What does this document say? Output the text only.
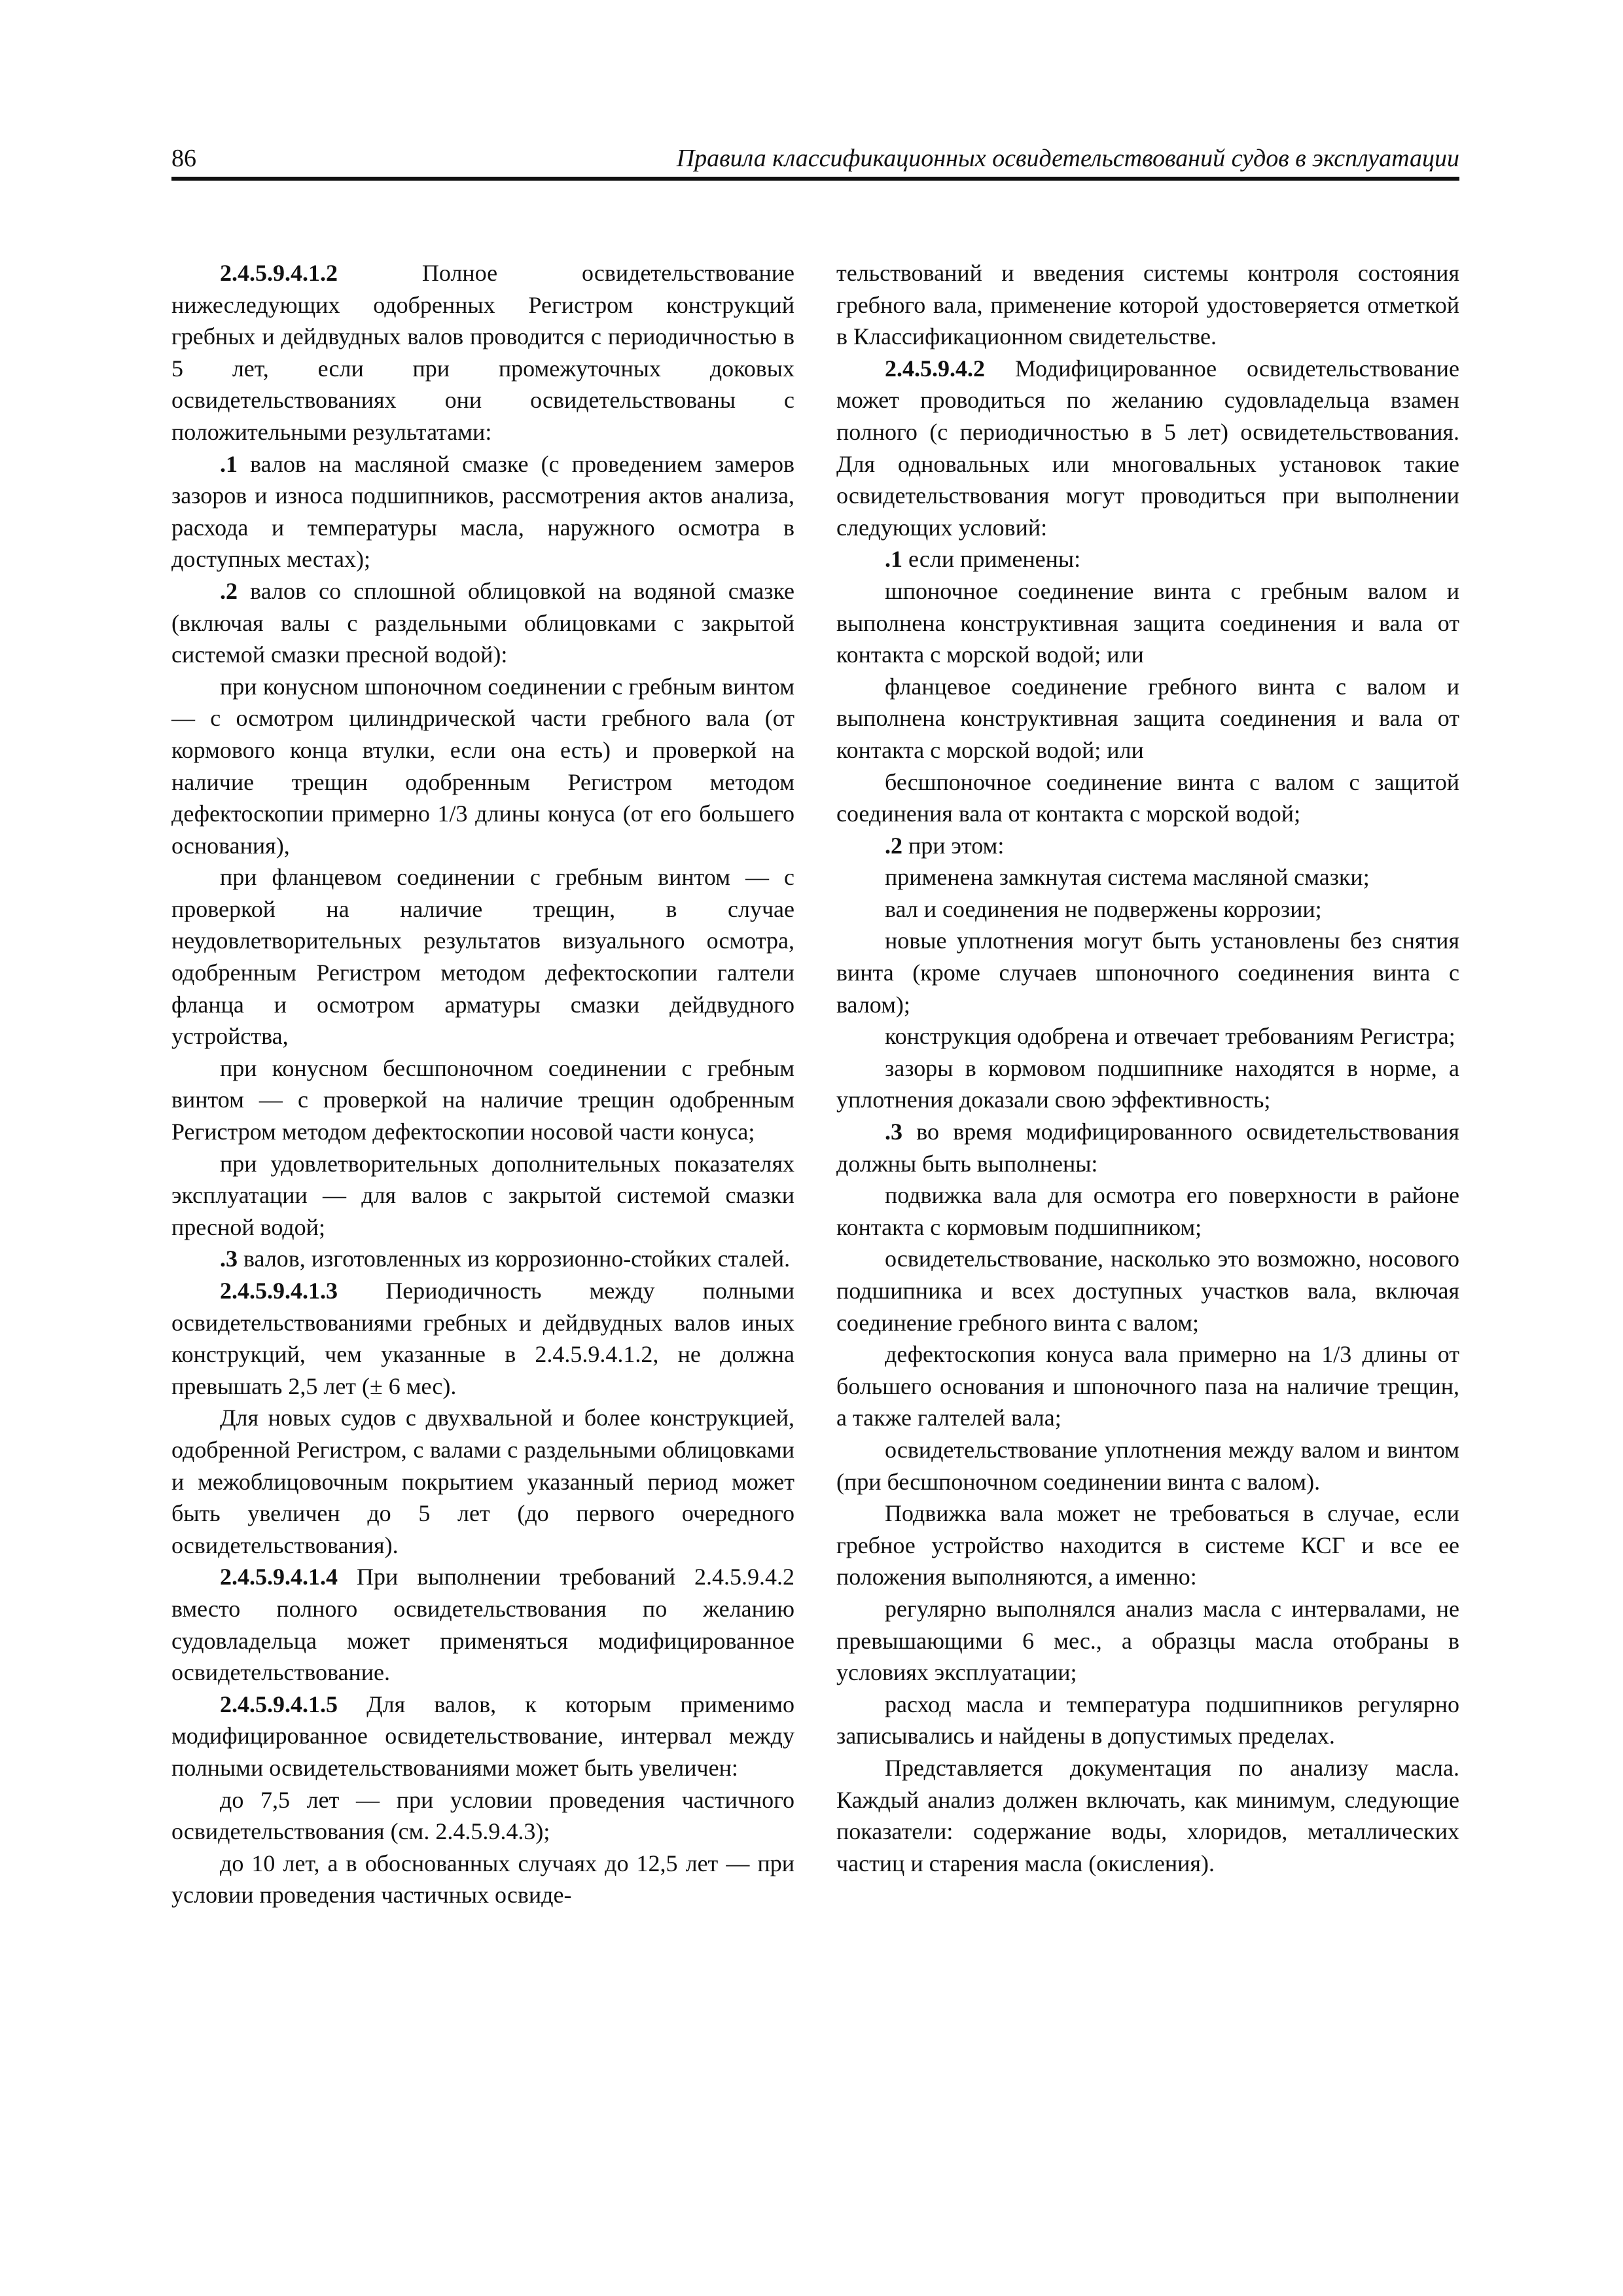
86	Правила классификационных освидетельствований судов в эксплуатации

2.4.5.9.4.1.2 Полное освидетельствование нижеследующих одобренных Регистром конструкций гребных и дейдвудных валов проводится с периодичностью в 5 лет, если при промежуточных доковых освидетельствованиях они освидетельствованы с положительными результатами:

.1 валов на масляной смазке (с проведением замеров зазоров и износа подшипников, рассмотрения актов анализа, расхода и температуры масла, наружного осмотра в доступных местах);

.2 валов со сплошной облицовкой на водяной смазке (включая валы с раздельными облицовками с закрытой системой смазки пресной водой):

при конусном шпоночном соединении с гребным винтом — с осмотром цилиндрической части гребного вала (от кормового конца втулки, если она есть) и проверкой на наличие трещин одобренным Регистром методом дефектоскопии примерно 1/3 длины конуса (от его большего основания),

при фланцевом соединении с гребным винтом — с проверкой на наличие трещин, в случае неудовлетворительных результатов визуального осмотра, одобренным Регистром методом дефектоскопии галтели фланца и осмотром арматуры смазки дейдвудного устройства,

при конусном бесшпоночном соединении с гребным винтом — с проверкой на наличие трещин одобренным Регистром методом дефектоскопии носовой части конуса;

при удовлетворительных дополнительных показателях эксплуатации — для валов с закрытой системой смазки пресной водой;

.3 валов, изготовленных из коррозионно-стойких сталей.

2.4.5.9.4.1.3 Периодичность между полными освидетельствованиями гребных и дейдвудных валов иных конструкций, чем указанные в 2.4.5.9.4.1.2, не должна превышать 2,5 лет (± 6 мес).

Для новых судов с двухвальной и более конструкцией, одобренной Регистром, с валами с раздельными облицовками и межоблицовочным покрытием указанный период может быть увеличен до 5 лет (до первого очередного освидетельствования).

2.4.5.9.4.1.4 При выполнении требований 2.4.5.9.4.2 вместо полного освидетельствования по желанию судовладельца может применяться модифицированное освидетельствование.

2.4.5.9.4.1.5 Для валов, к которым применимо модифицированное освидетельствование, интервал между полными освидетельствованиями может быть увеличен:

до 7,5 лет — при условии проведения частичного освидетельствования (см. 2.4.5.9.4.3);

до 10 лет, а в обоснованных случаях до 12,5 лет — при условии проведения частичных освиде-

тельствований и введения системы контроля состояния гребного вала, применение которой удостоверяется отметкой в Классификационном свидетельстве.

2.4.5.9.4.2 Модифицированное освидетельствование может проводиться по желанию судовладельца взамен полного (с периодичностью в 5 лет) освидетельствования. Для одновальных или многовальных установок такие освидетельствования могут проводиться при выполнении следующих условий:

.1 если применены:

шпоночное соединение винта с гребным валом и выполнена конструктивная защита соединения и вала от контакта с морской водой; или

фланцевое соединение гребного винта с валом и выполнена конструктивная защита соединения и вала от контакта с морской водой; или

бесшпоночное соединение винта с валом с защитой соединения вала от контакта с морской водой;

.2 при этом:

применена замкнутая система масляной смазки;

вал и соединения не подвержены коррозии;

новые уплотнения могут быть установлены без снятия винта (кроме случаев шпоночного соединения винта с валом);

конструкция одобрена и отвечает требованиям Регистра;

зазоры в кормовом подшипнике находятся в норме, а уплотнения доказали свою эффективность;

.3 во время модифицированного освидетельствования должны быть выполнены:

подвижка вала для осмотра его поверхности в районе контакта с кормовым подшипником;

освидетельствование, насколько это возможно, носового подшипника и всех доступных участков вала, включая соединение гребного винта с валом;

дефектоскопия конуса вала примерно на 1/3 длины от большего основания и шпоночного паза на наличие трещин, а также галтелей вала;

освидетельствование уплотнения между валом и винтом (при бесшпоночном соединении винта с валом).

Подвижка вала может не требоваться в случае, если гребное устройство находится в системе КСГ и все ее положения выполняются, а именно:

регулярно выполнялся анализ масла с интервалами, не превышающими 6 мес., а образцы масла отобраны в условиях эксплуатации;

расход масла и температура подшипников регулярно записывались и найдены в допустимых пределах.

Представляется документация по анализу масла. Каждый анализ должен включать, как минимум, следующие показатели: содержание воды, хлоридов, металлических частиц и старения масла (окисления).
